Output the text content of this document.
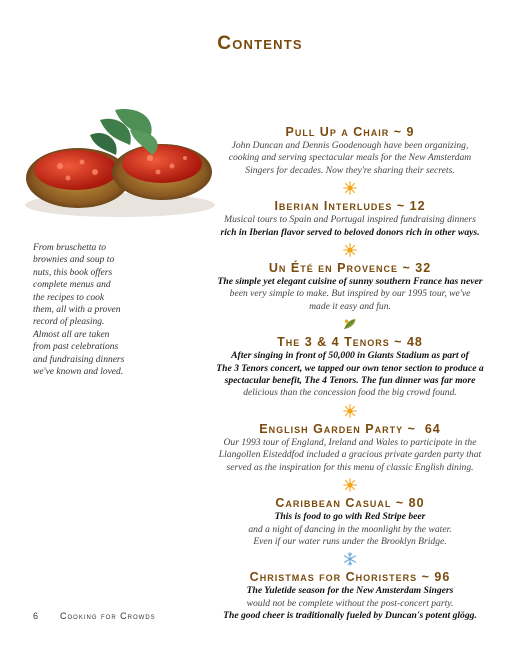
Contents
From bruschetta to
brownies and soup to
nuts, this book offers
complete menus and
the recipes to cook
them, all with a proven
record of pleasing.
Almost all are taken
from past celebrations
and fundraising dinners
we've known and loved.
Pull Up a Chair ~ 9
John Duncan and Dennis Goodenough have been organizing,
cooking and serving spectacular meals for the New Amsterdam
Singers for decades. Now they're sharing their secrets.
Iberian Interludes ~ 12
Musical tours to Spain and Portugal inspired fundraising dinners
rich in Iberian flavor served to beloved donors rich in other ways.
Un Été en Provence ~ 32
The simple yet elegant cuisine of sunny southern France has never
been very simple to make. But inspired by our 1995 tour, we've
made it easy and fun.
The 3 & 4 Tenors ~ 48
After singing in front of 50,000 in Giants Stadium as part of
The 3 Tenors concert, we tapped our own tenor section to produce a
spectacular benefit, The 4 Tenors. The fun dinner was far more
delicious than the concession food the big crowd found.
English Garden Party ~  64
Our 1993 tour of England, Ireland and Wales to participate in the
Llangollen Eisteddfod included a gracious private garden party that
served as the inspiration for this menu of classic English dining.
Caribbean Casual ~ 80
This is food to go with Red Stripe beer
and a night of dancing in the moonlight by the water.
Even if our water runs under the Brooklyn Bridge.
Christmas for Choristers ~ 96
The Yuletide season for the New Amsterdam Singers
would not be complete without the post-concert party.
The good cheer is traditionally fueled by Duncan's potent glögg.
6 Cooking for Crowds
